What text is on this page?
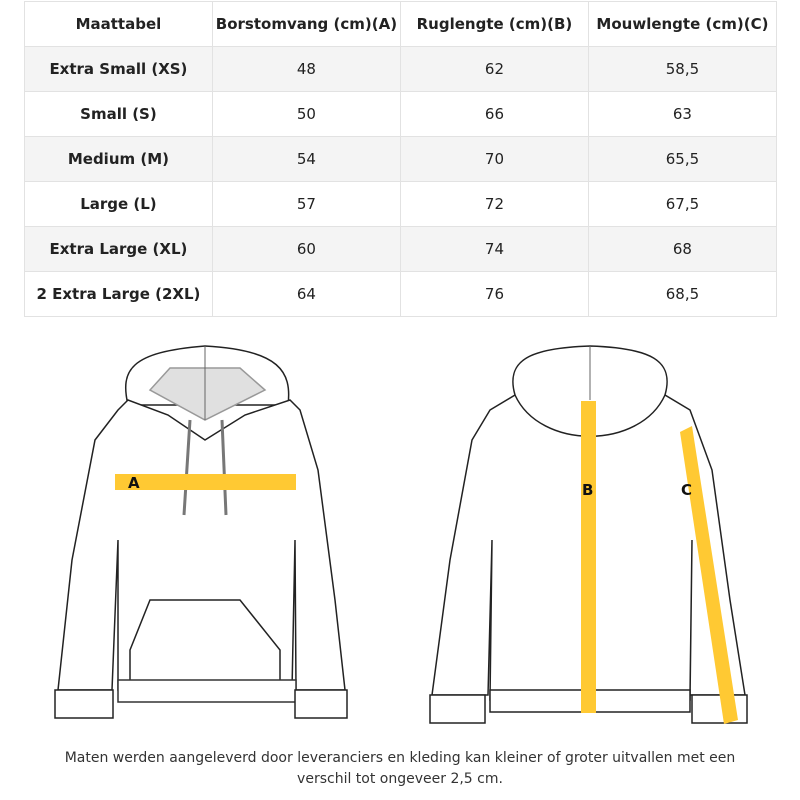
Maattabel	Borstomvang (cm)(A)	Ruglengte (cm)(B)	Mouwlengte (cm)(C)
Extra Small (XS)	48	62	58,5
Small (S)	50	66	63
Medium (M)	54	70	65,5
Large (L)	57	72	67,5
Extra Large (XL)	60	74	68
2 Extra Large (2XL)	64	76	68,5
A	B	C
Maten werden aangeleverd door leveranciers en kleding kan kleiner of groter uitvallen met een
verschil tot ongeveer 2,5 cm.
